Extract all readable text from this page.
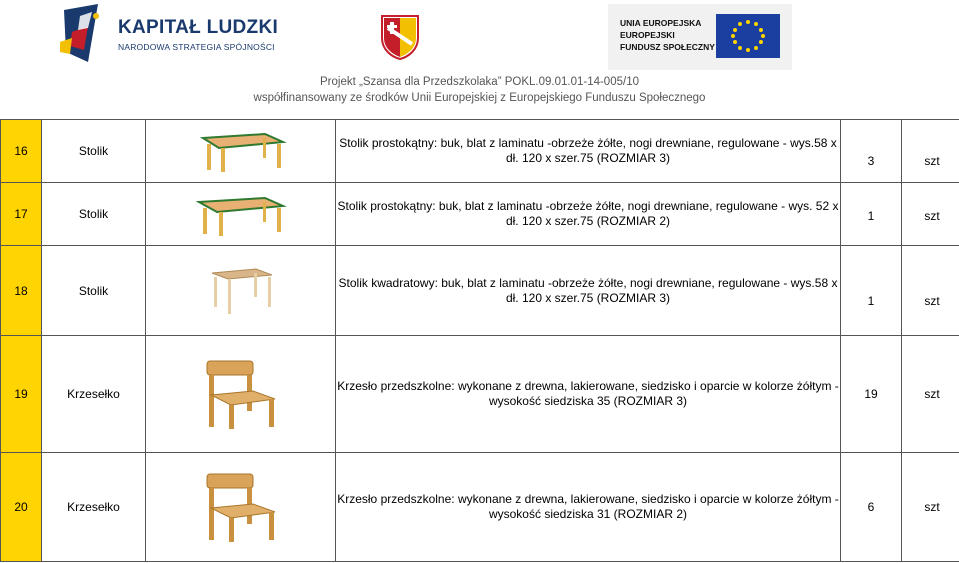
KAPITAŁ LUDZKI
NARODOWA STRATEGIA SPÓJNOŚCI
UNIA EUROPEJSKA
EUROPEJSKI
FUNDUSZ SPOŁECZNY
Projekt „Szansa dla Przedszkolaka” POKL.09.01.01-14-005/10
współfinansowany ze środków Unii Europejskiej z Europejskiego Funduszu Społecznego
16	Stolik		Stolik prostokątny: buk, blat z laminatu -obrzeże żółte, nogi drewniane, regulowane - wys.58 x dł. 120 x szer.75 (ROZMIAR 3)	3	szt
17	Stolik		Stolik prostokątny: buk, blat z laminatu -obrzeże żółte, nogi drewniane, regulowane - wys. 52 x dł. 120 x szer.75 (ROZMIAR 2)	1	szt
18	Stolik		Stolik kwadratowy: buk, blat z laminatu -obrzeże żółte, nogi drewniane, regulowane - wys.58 x dł. 120 x szer.75 (ROZMIAR 3)	1	szt
19	Krzesełko		Krzesło przedszkolne: wykonane z drewna, lakierowane, siedzisko i oparcie w kolorze żółtym - wysokość siedziska 35 (ROZMIAR 3)	19	szt
20	Krzesełko		Krzesło przedszkolne: wykonane z drewna, lakierowane, siedzisko i oparcie w kolorze żółtym - wysokość siedziska 31 (ROZMIAR 2)	6	szt
